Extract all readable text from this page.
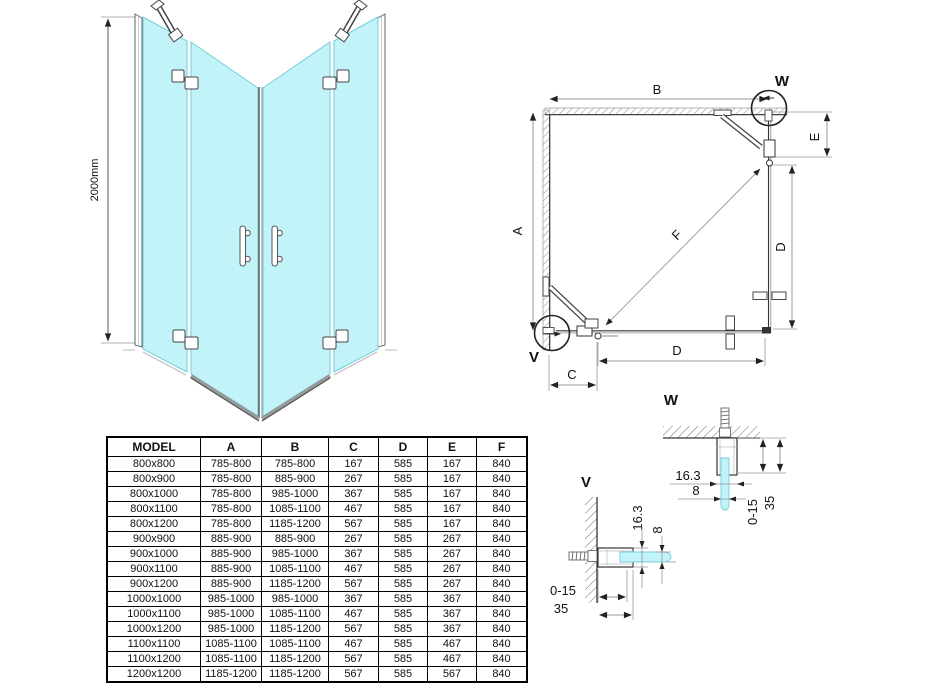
2000mm
B
A
E
D
D
C
F
W
V
W
16.3
8
0-15 35
V
16.3 8
0-15
35
MODEL	A	B	C	D	E	F
800x800	785-800	785-800	167	585	167	840
800x900	785-800	885-900	267	585	167	840
800x1000	785-800	985-1000	367	585	167	840
800x1100	785-800	1085-1100	467	585	167	840
800x1200	785-800	1185-1200	567	585	167	840
900x900	885-900	885-900	267	585	267	840
900x1000	885-900	985-1000	367	585	267	840
900x1100	885-900	1085-1100	467	585	267	840
900x1200	885-900	1185-1200	567	585	267	840
1000x1000	985-1000	985-1000	367	585	367	840
1000x1100	985-1000	1085-1100	467	585	367	840
1000x1200	985-1000	1185-1200	567	585	367	840
1100x1100	1085-1100	1085-1100	467	585	467	840
1100x1200	1085-1100	1185-1200	567	585	467	840
1200x1200	1185-1200	1185-1200	567	585	567	840
